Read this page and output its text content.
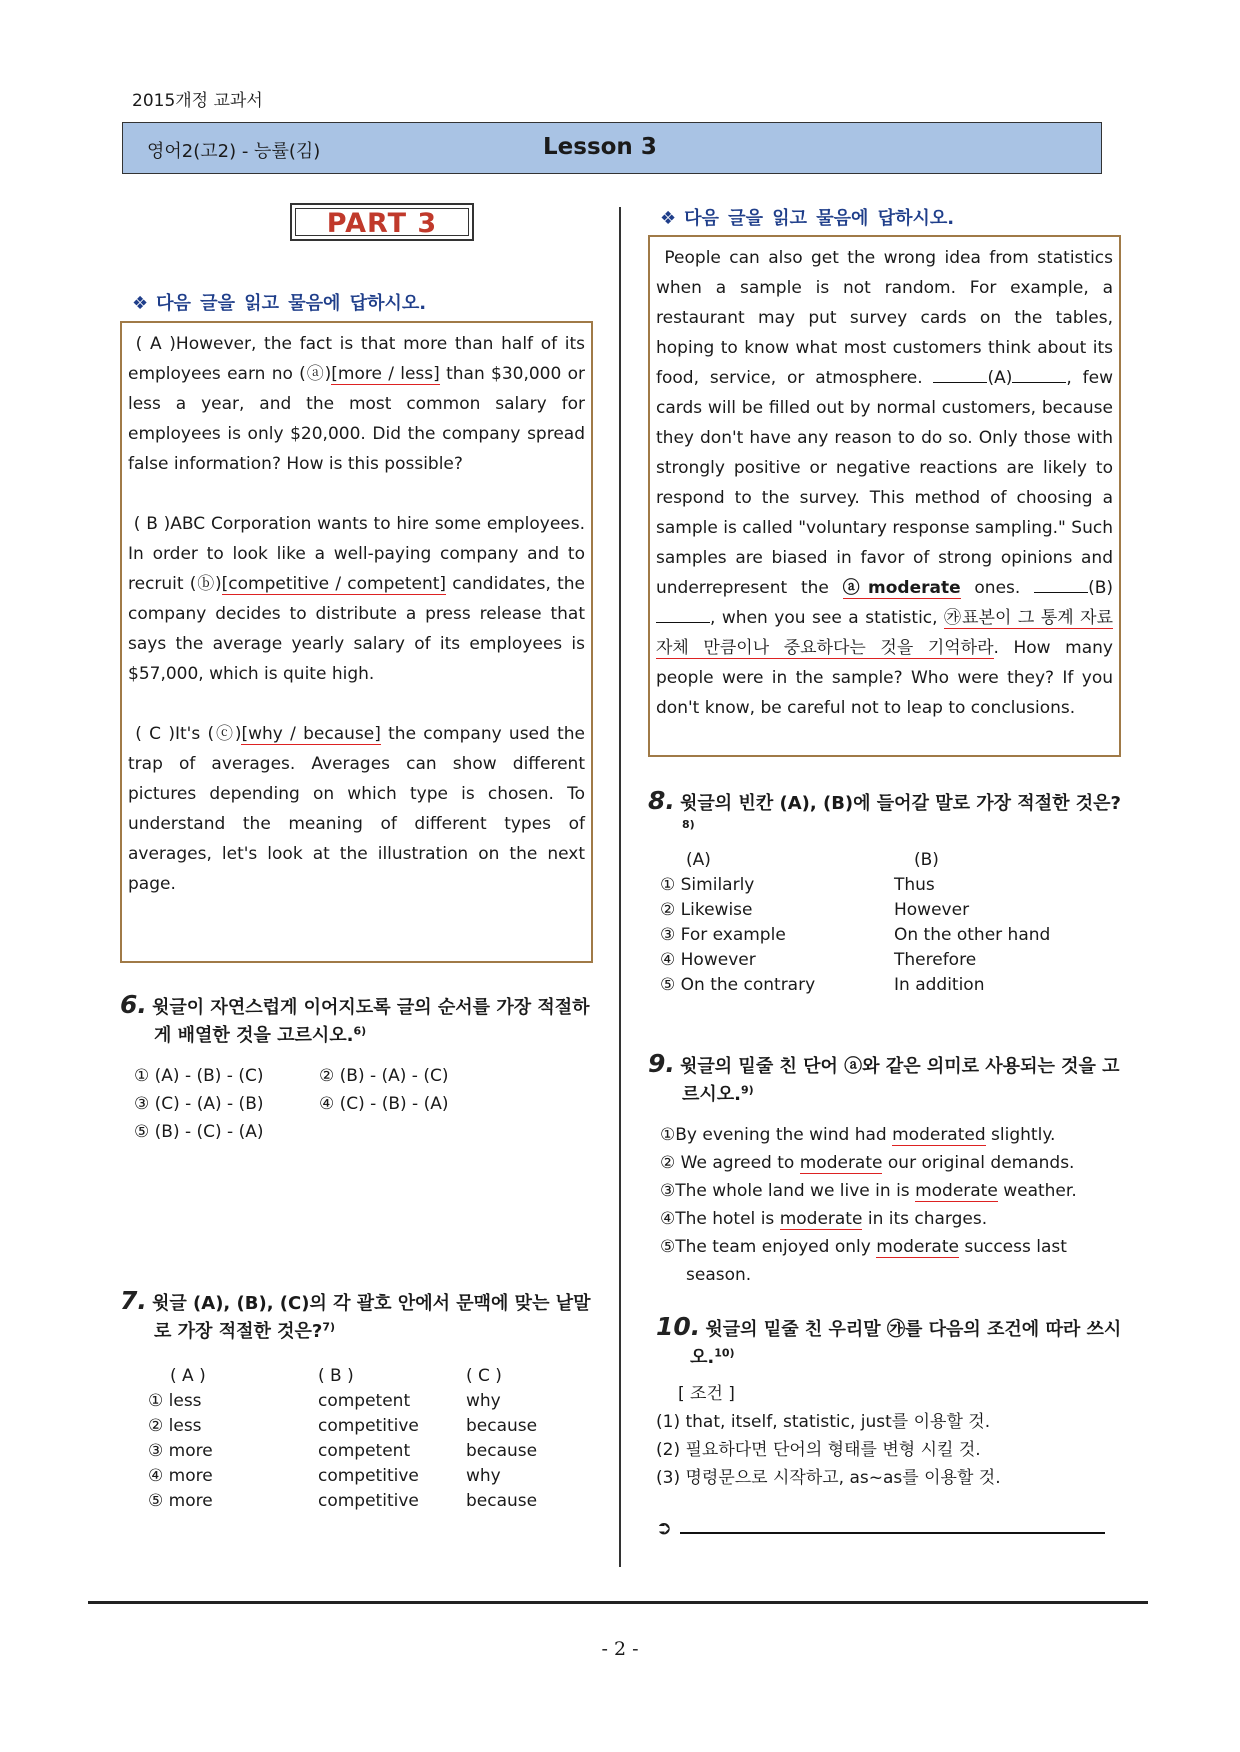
2015개정 교과서
영어2(고2) - 능률(김)	Lesson 3
PART 3
❖ 다음 글을 읽고 물음에 답하시오.

( A )However, the fact is that more than half of its employees earn no (ⓐ)[more / less] than $30,000 or less a year, and the most common salary for employees is only $20,000. Did the company spread false information? How is this possible?

( B )ABC Corporation wants to hire some employees. In order to look like a well-paying company and to recruit (ⓑ)[competitive / competent] candidates, the company decides to distribute a press release that says the average yearly salary of its employees is $57,000, which is quite high.

( C )It's (ⓒ)[why / because] the company used the trap of averages. Averages can show different pictures depending on which type is chosen. To understand the meaning of different types of averages, let's look at the illustration on the next page.

6. 윗글이 자연스럽게 이어지도록 글의 순서를 가장 적절하게 배열한 것을 고르시오.$^{6)}$
① (A) - (B) - (C)	② (B) - (A) - (C)
③ (C) - (A) - (B)	④ (C) - (B) - (A)
⑤ (B) - (C) - (A)
7. 윗글 (A), (B), (C)의 각 괄호 안에서 문맥에 맞는 낱말로 가장 적절한 것은?$^{7)}$
( A )	( B )	( C )
① less	competent	why
② less	competitive	because
③ more	competent	because
④ more	competitive	why
⑤ more	competitive	because
❖ 다음 글을 읽고 물음에 답하시오.

People can also get the wrong idea from statistics when a sample is not random. For example, a restaurant may put survey cards on the tables, hoping to know what most customers think about its food, service, or atmosphere.	(A)	, few cards will be filled out by normal customers, because they don't have any reason to do so. Only those with strongly positive or negative reactions are likely to respond to the survey. This method of choosing a sample is called "voluntary response sampling." Such samples are biased in favor of strong opinions and underrepresent the ⓐmoderate ones.	(B), when you see a statistic, ㉮표본이 그 통계 자료 자체 만큼이나 중요하다는 것을 기억하라. How many people were in the sample? Who were they? If you don't know, be careful not to leap to conclusions.

8. 윗글의 빈칸 (A), (B)에 들어갈 말로 가장 적절한 것은?$^{8)}$
(A)	(B)
① Similarly	Thus
② Likewise	However
③ For example	On the other hand
④ However	Therefore
⑤ On the contrary	In addition
9. 윗글의 밑줄 친 단어 ⓐ와 같은 의미로 사용되는 것을 고르시오.$^{9)}$
①By evening the wind had moderated slightly.
② We agreed to moderate our original demands.
③The whole land we live in is moderate weather.
④The hotel is moderate in its charges.
⑤The team enjoyed only moderate success last
season.
10. 윗글의 밑줄 친 우리말 ㉮를 다음의 조건에 따라 쓰시오.$^{10)}$
[ 조건 ]
(1) that, itself, statistic, just를 이용할 것.
(2) 필요하다면 단어의 형태를 변형 시킬 것.
(3) 명령문으로 시작하고, as~as를 이용할 것.
➲
- 2 -
